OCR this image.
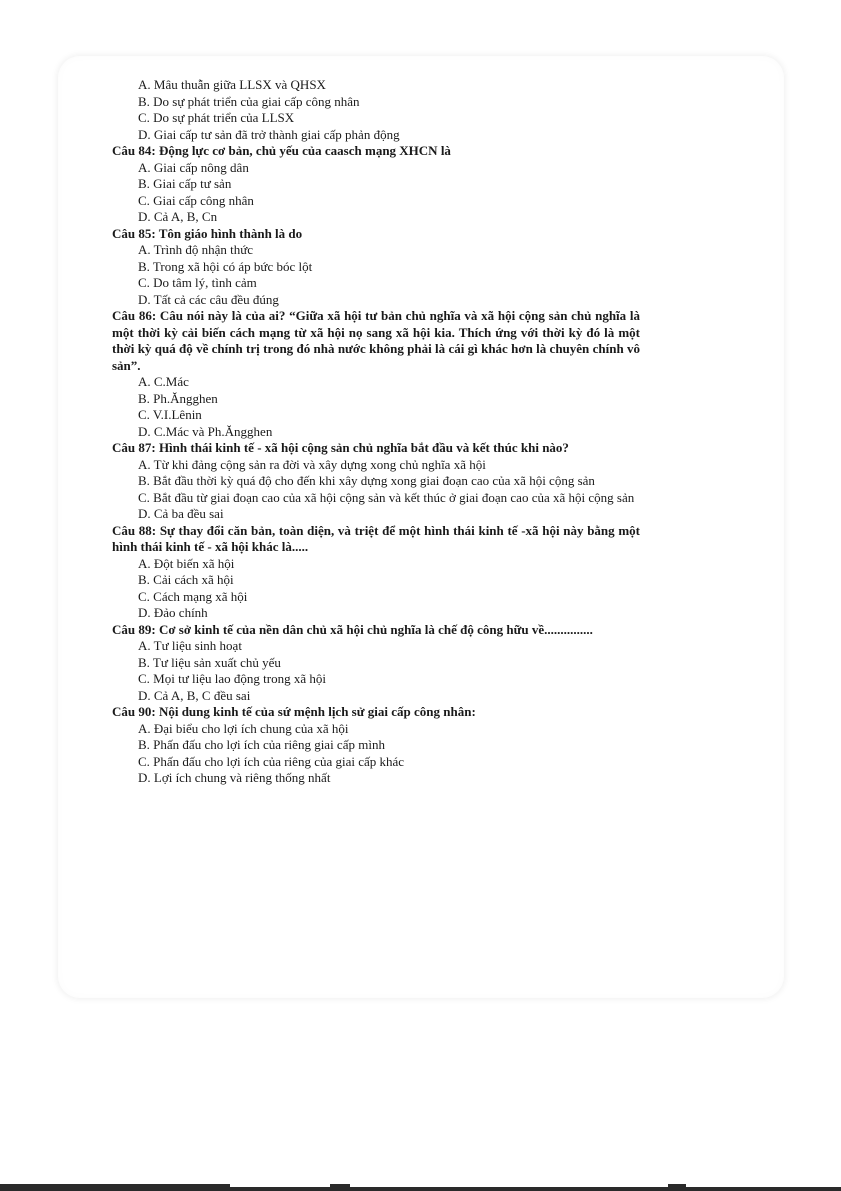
A. Mâu thuẫn giữa LLSX và QHSX

B. Do sự phát triển của giai cấp công nhân

C. Do sự phát triển của LLSX

D. Giai cấp tư sản đã trở thành giai cấp phản động

Câu 84: Động lực cơ bản, chủ yếu của caasch mạng XHCN là

A. Giai cấp nông dân

B. Giai cấp tư sản

C. Giai cấp công nhân

D. Cả A, B, Cn

Câu 85: Tôn giáo hình thành là do

A. Trình độ nhận thức

B. Trong xã hội có áp bức bóc lột

C. Do tâm lý, tình cảm

D. Tất cả các câu đều đúng

Câu 86: Câu nói này là của ai? “Giữa xã hội tư bản chủ nghĩa và xã hội cộng sản chủ nghĩa là một thời kỳ cải biến cách mạng từ xã hội nọ sang xã hội kia. Thích ứng với thời kỳ đó là một thời kỳ quá độ về chính trị trong đó nhà nước không phải là cái gì khác hơn là chuyên chính vô sản”.

A. C.Mác

B. Ph.Ăngghen

C. V.I.Lênin

D. C.Mác và Ph.Ăngghen

Câu 87: Hình thái kinh tế - xã hội cộng sản chủ nghĩa bắt đầu và kết thúc khi nào?

A. Từ khi đảng cộng sản ra đời và xây dựng xong chủ nghĩa xã hội

B. Bắt đầu thời kỳ quá độ cho đến khi xây dựng xong giai đoạn cao của xã hội cộng sản

C. Bắt đầu từ giai đoạn cao của xã hội cộng sản và kết thúc ở giai đoạn cao của xã hội cộng sản

D. Cả ba đều sai

Câu 88: Sự thay đổi căn bản, toàn diện, và triệt để một hình thái kinh tế -xã hội này bằng một hình thái kinh tế - xã hội khác là.....

A. Đột biến xã hội

B. Cải cách xã hội

C. Cách mạng xã hội

D. Đảo chính

Câu 89: Cơ sở kinh tế của nền dân chủ xã hội chủ nghĩa là chế độ công hữu về...............

A. Tư liệu sinh hoạt

B. Tư liệu sản xuất chủ yếu

C. Mọi tư liệu lao động trong xã hội

D. Cả A, B, C đều sai

Câu 90: Nội dung kinh tế của sứ mệnh lịch sử giai cấp công nhân:

A. Đại biểu cho lợi ích chung của xã hội

B. Phấn đấu cho lợi ích của riêng giai cấp mình

C. Phấn đấu cho lợi ích của riêng của giai cấp khác

D. Lợi ích chung và riêng thống nhất
